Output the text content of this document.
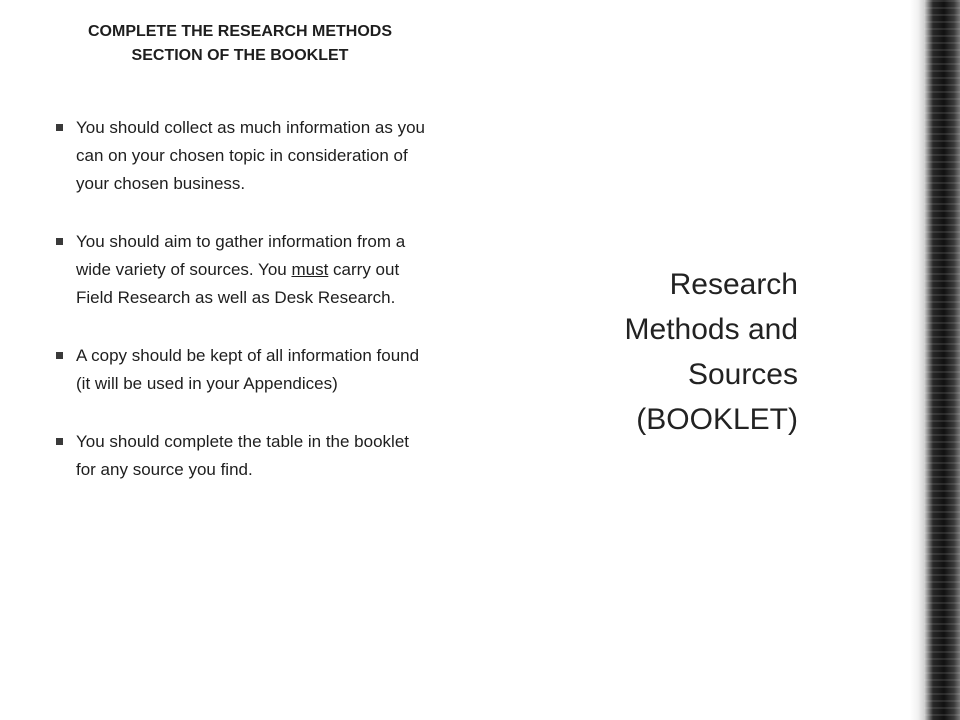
COMPLETE THE RESEARCH METHODS
SECTION OF THE BOOKLET
You should collect as much information as you can on your chosen topic in consideration of your chosen business.
You should aim to gather information from a wide variety of sources. You must carry out Field Research as well as Desk Research.
A copy should be kept of all information found (it will be used in your Appendices)
You should complete the table in the booklet for any source you find.
Research
Methods and
Sources
(BOOKLET)
